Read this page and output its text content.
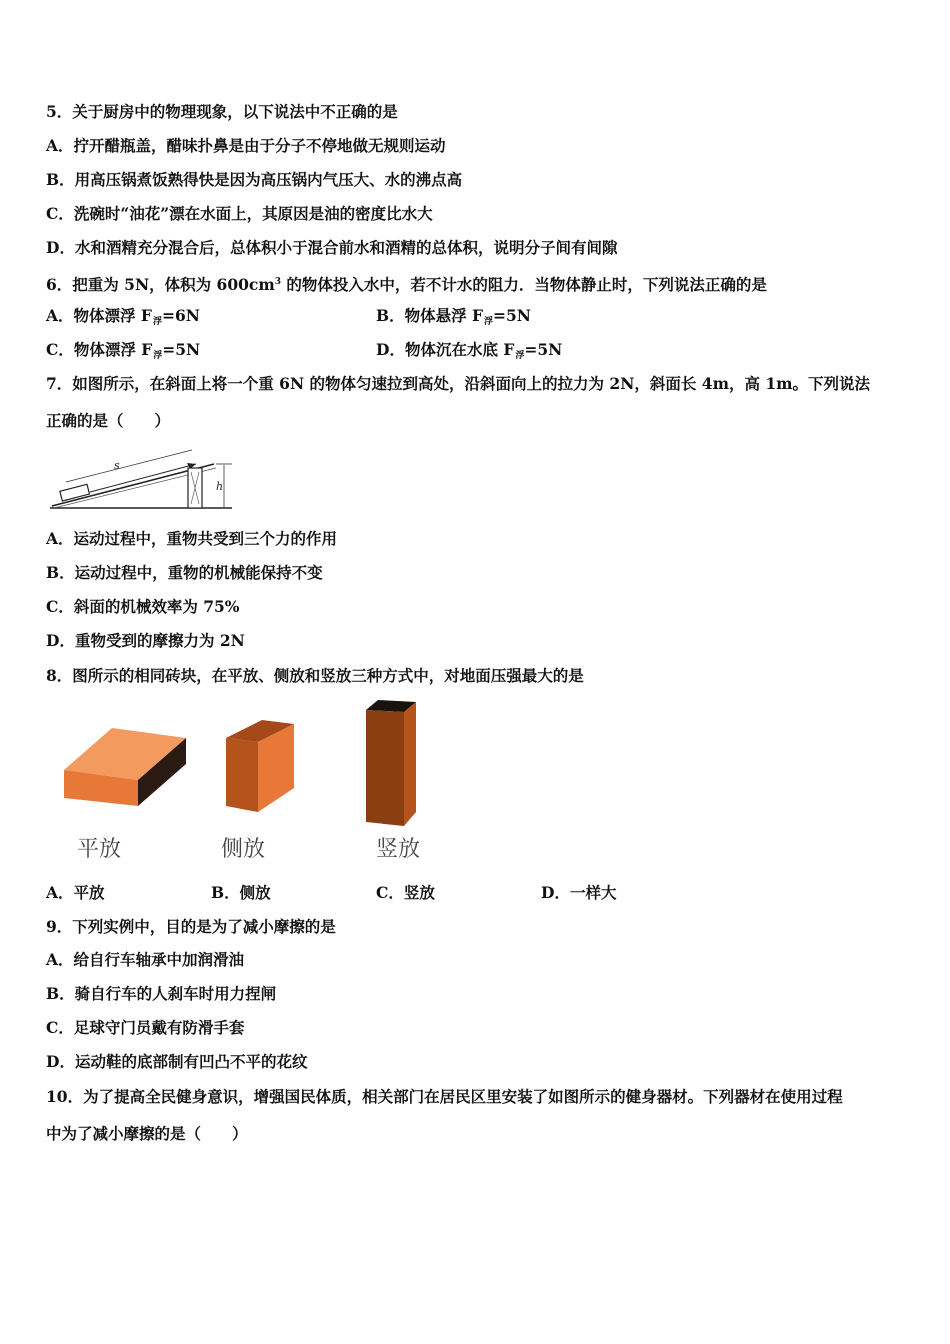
5．关于厨房中的物理现象，以下说法中不正确的是
A．拧开醋瓶盖，醋味扑鼻是由于分子不停地做无规则运动
B．用高压锅煮饭熟得快是因为高压锅内气压大、水的沸点高
C．洗碗时“油花”漂在水面上，其原因是油的密度比水大
D．水和酒精充分混合后，总体积小于混合前水和酒精的总体积，说明分子间有间隙
6．把重为 5N，体积为 $600cm^3$ 的物体投入水中，若不计水的阻力．当物体静止时，下列说法正确的是
A．物体漂浮 F浮=6N	B．物体悬浮 F浮=5N
C．物体漂浮 F浮=5N	D．物体沉在水底 F浮=5N
7．如图所示，在斜面上将一个重 6N 的物体匀速拉到高处，沿斜面向上的拉力为 2N，斜面长 4m，高 1m。下列说法
正确的是（　　）
s
h
A．运动过程中，重物共受到三个力的作用
B．运动过程中，重物的机械能保持不变
C．斜面的机械效率为 75%
D．重物受到的摩擦力为 2N
8．图所示的相同砖块，在平放、侧放和竖放三种方式中，对地面压强最大的是
平放	侧放	竖放
A．平放	B．侧放	C．竖放	D．一样大
9．下列实例中，目的是为了减小摩擦的是
A．给自行车轴承中加润滑油
B．骑自行车的人刹车时用力捏闸
C．足球守门员戴有防滑手套
D．运动鞋的底部制有凹凸不平的花纹
10．为了提高全民健身意识，增强国民体质，相关部门在居民区里安装了如图所示的健身器材。下列器材在使用过程
中为了减小摩擦的是（　　）
